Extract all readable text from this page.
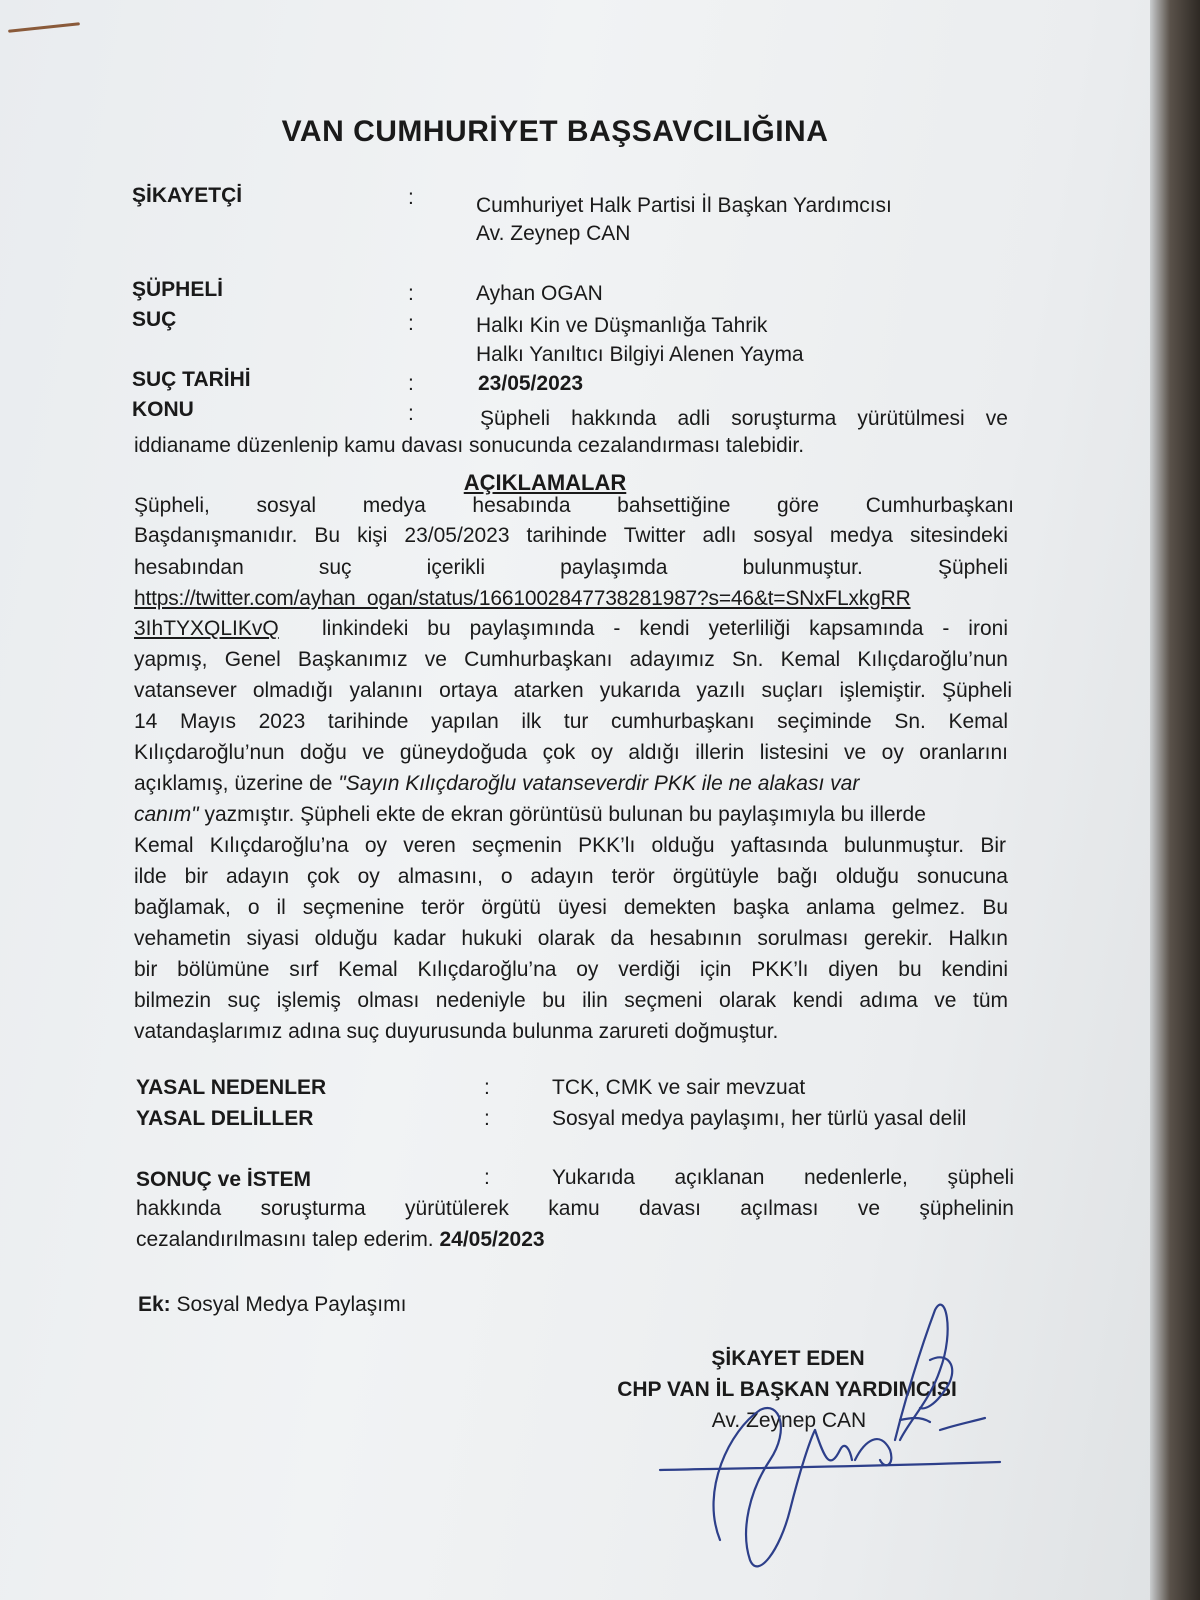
VAN CUMHURİYET BAŞSAVCILIĞINA
ŞİKAYETÇİ	:	Cumhuriyet Halk Partisi İl Başkan Yardımcısı
Av. Zeynep CAN
ŞÜPHELİ	:	Ayhan OGAN
SUÇ	:	Halkı Kin ve Düşmanlığa Tahrik
Halkı Yanıltıcı Bilgiyi Alenen Yayma
SUÇ TARİHİ	:	23/05/2023
KONU	:	Şüpheli hakkında adli soruşturma yürütülmesi ve
iddianame düzenlenip kamu davası sonucunda cezalandırması talebidir.
AÇIKLAMALAR
Şüpheli, sosyal medya hesabında bahsettiğine göre Cumhurbaşkanı
Başdanışmanıdır. Bu kişi 23/05/2023 tarihinde Twitter adlı sosyal medya sitesindeki
hesabından suç içerikli paylaşımda bulunmuştur. Şüpheli
https://twitter.com/ayhan_ogan/status/1661002847738281987?s=46&t=SNxFLxkgRR
3IhTYXQLIKvQ linkindeki bu paylaşımında - kendi yeterliliği kapsamında - ironi
yapmış, Genel Başkanımız ve Cumhurbaşkanı adayımız Sn. Kemal Kılıçdaroğlu’nun
vatansever olmadığı yalanını ortaya atarken yukarıda yazılı suçları işlemiştir. Şüpheli
14 Mayıs 2023 tarihinde yapılan ilk tur cumhurbaşkanı seçiminde Sn. Kemal
Kılıçdaroğlu’nun doğu ve güneydoğuda çok oy aldığı illerin listesini ve oy oranlarını
açıklamış, üzerine de "Sayın Kılıçdaroğlu vatanseverdir PKK ile ne alakası var
canım" yazmıştır. Şüpheli ekte de ekran görüntüsü bulunan bu paylaşımıyla bu illerde
Kemal Kılıçdaroğlu’na oy veren seçmenin PKK’lı olduğu yaftasında bulunmuştur. Bir
ilde bir adayın çok oy almasını, o adayın terör örgütüyle bağı olduğu sonucuna
bağlamak, o il seçmenine terör örgütü üyesi demekten başka anlama gelmez. Bu
vehametin siyasi olduğu kadar hukuki olarak da hesabının sorulması gerekir. Halkın
bir bölümüne sırf Kemal Kılıçdaroğlu’na oy verdiği için PKK’lı diyen bu kendini
bilmezin suç işlemiş olması nedeniyle bu ilin seçmeni olarak kendi adıma ve tüm
vatandaşlarımız adına suç duyurusunda bulunma zarureti doğmuştur.
YASAL NEDENLER	:	TCK, CMK ve sair mevzuat
YASAL DELİLLER	:	Sosyal medya paylaşımı, her türlü yasal delil
SONUÇ ve İSTEM	:	Yukarıda açıklanan nedenlerle, şüpheli
hakkında soruşturma yürütülerek kamu davası açılması ve şüphelinin
cezalandırılmasını talep ederim. 24/05/2023
Ek: Sosyal Medya Paylaşımı
ŞİKAYET EDEN
CHP VAN İL BAŞKAN YARDIMCISI
Av. Zeynep CAN
